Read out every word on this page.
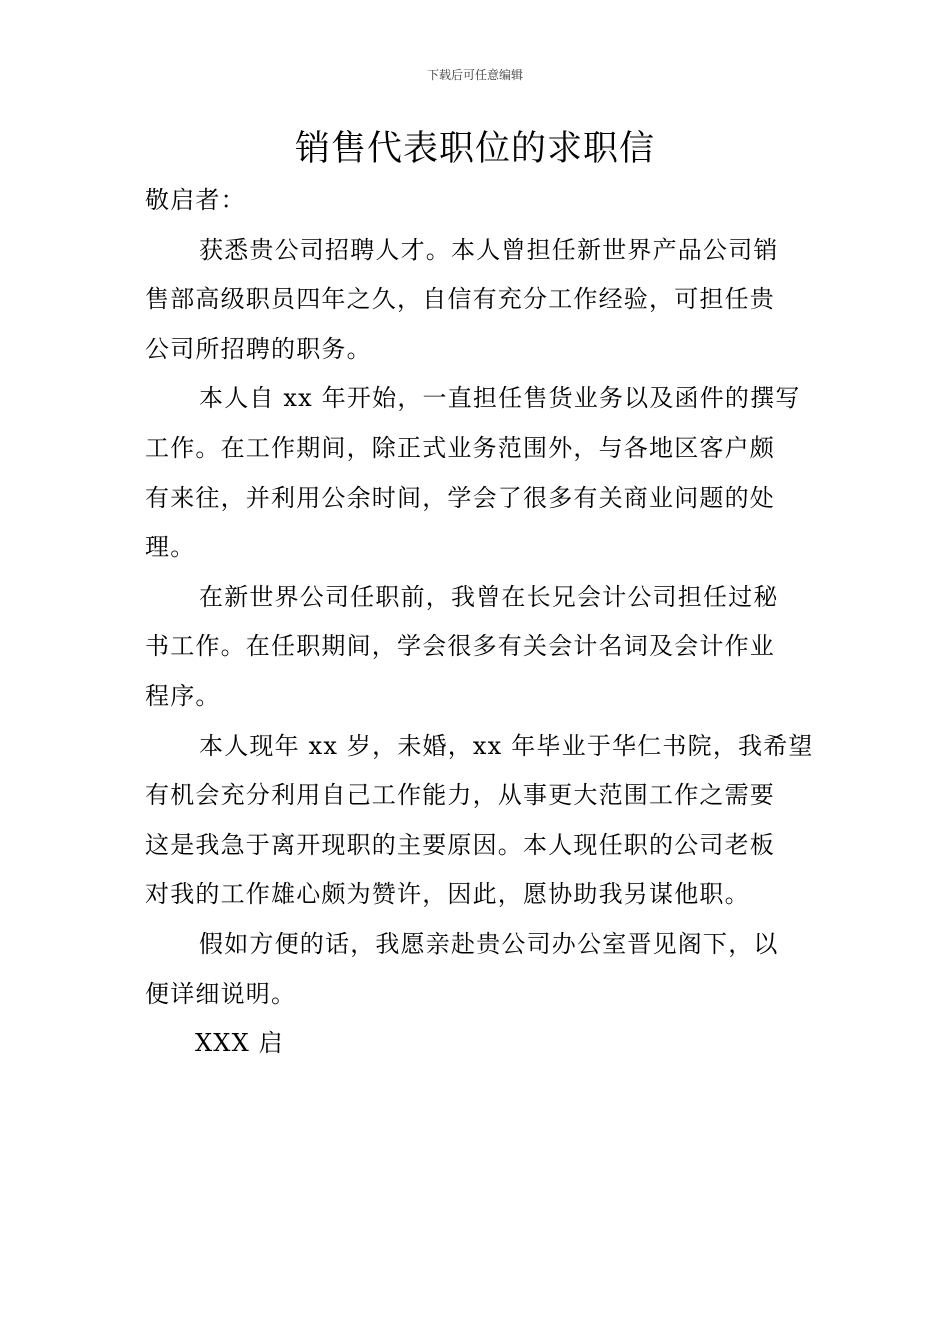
下载后可任意编辑
销售代表职位的求职信
敬启者：
获悉贵公司招聘人才。本人曾担任新世界产品公司销
售部高级职员四年之久，自信有充分工作经验，可担任贵
公司所招聘的职务。
本人自 xx 年开始，一直担任售货业务以及函件的撰写
工作。在工作期间，除正式业务范围外，与各地区客户颇
有来往，并利用公余时间，学会了很多有关商业问题的处
理。
在新世界公司任职前，我曾在长兄会计公司担任过秘
书工作。在任职期间，学会很多有关会计名词及会计作业
程序。
本人现年 xx 岁，未婚，xx 年毕业于华仁书院，我希望
有机会充分利用自己工作能力，从事更大范围工作之需要
这是我急于离开现职的主要原因。本人现任职的公司老板
对我的工作雄心颇为赞许，因此，愿协助我另谋他职。
假如方便的话，我愿亲赴贵公司办公室晋见阁下，以
便详细说明。
XXX 启
